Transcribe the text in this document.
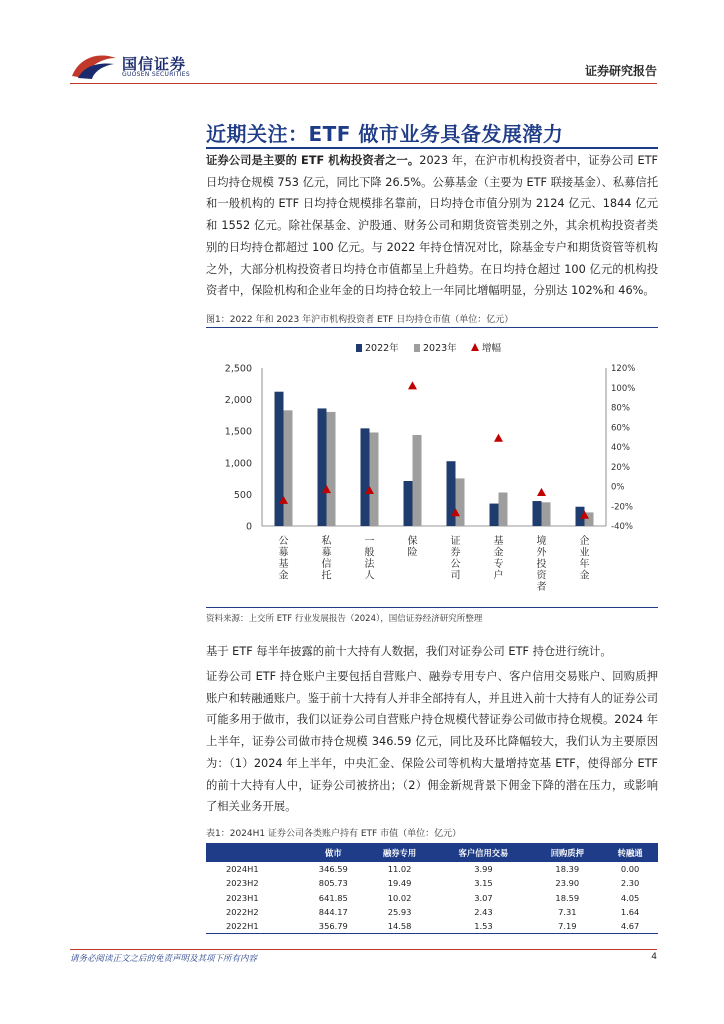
国信证券
GUOSEN SECURITIES	证券研究报告
近期关注：ETF 做市业务具备发展潜力
证券公司是主要的 ETF 机构投资者之一。2023 年，在沪市机构投资者中，证券公司 ETF 日均持仓规模 753 亿元，同比下降 26.5%。公募基金（主要为 ETF 联接基金）、私募信托和一般机构的 ETF 日均持仓规模排名靠前，日均持仓市值分别为 2124 亿元、1844 亿元和 1552 亿元。除社保基金、沪股通、财务公司和期货资管类别之外，其余机构投资者类别的日均持仓都超过 100 亿元。与 2022 年持仓情况对比，除基金专户和期货资管等机构之外，大部分机构投资者日均持仓市值都呈上升趋势。在日均持仓超过 100 亿元的机构投资者中，保险机构和企业年金的日均持仓较上一年同比增幅明显，分别达 102%和 46%。
图1：2022 年和 2023 年沪市机构投资者 ETF 日均持仓市值（单位：亿元）
0
500
1,000
1,500
2,000
2,500
-40%
-20%
0%
20%
40%
60%
80%
100%
120%
公
募
基
金
私
募
信
托
一
般
法
人
保
险
证
券
公
司
基
金
专
户
境
外
投
资
者
企
业
年
金
2022年	2023年	增幅
资料来源：上交所 ETF 行业发展报告（2024），国信证券经济研究所整理
基于 ETF 每半年披露的前十大持有人数据，我们对证券公司 ETF 持仓进行统计。
证券公司 ETF 持仓账户主要包括自营账户、融券专用专户、客户信用交易账户、回购质押账户和转融通账户。鉴于前十大持有人并非全部持有人，并且进入前十大持有人的证券公司可能多用于做市，我们以证券公司自营账户持仓规模代替证券公司做市持仓规模。2024 年上半年，证券公司做市持仓规模 346.59 亿元，同比及环比降幅较大，我们认为主要原因为：（1）2024 年上半年，中央汇金、保险公司等机构大量增持宽基 ETF，使得部分 ETF 的前十大持有人中，证券公司被挤出；（2）佣金新规背景下佣金下降的潜在压力，或影响了相关业务开展。
表1：2024H1 证券公司各类账户持有 ETF 市值（单位：亿元）
	做市	融券专用	客户信用交易	回购质押	转融通
2024H1	346.59	11.02	3.99	18.39	0.00
2023H2	805.73	19.49	3.15	23.90	2.30
2023H1	641.85	10.02	3.07	18.59	4.05
2022H2	844.17	25.93	2.43	7.31	1.64
2022H1	356.79	14.58	1.53	7.19	4.67
请务必阅读正文之后的免责声明及其项下所有内容	4
